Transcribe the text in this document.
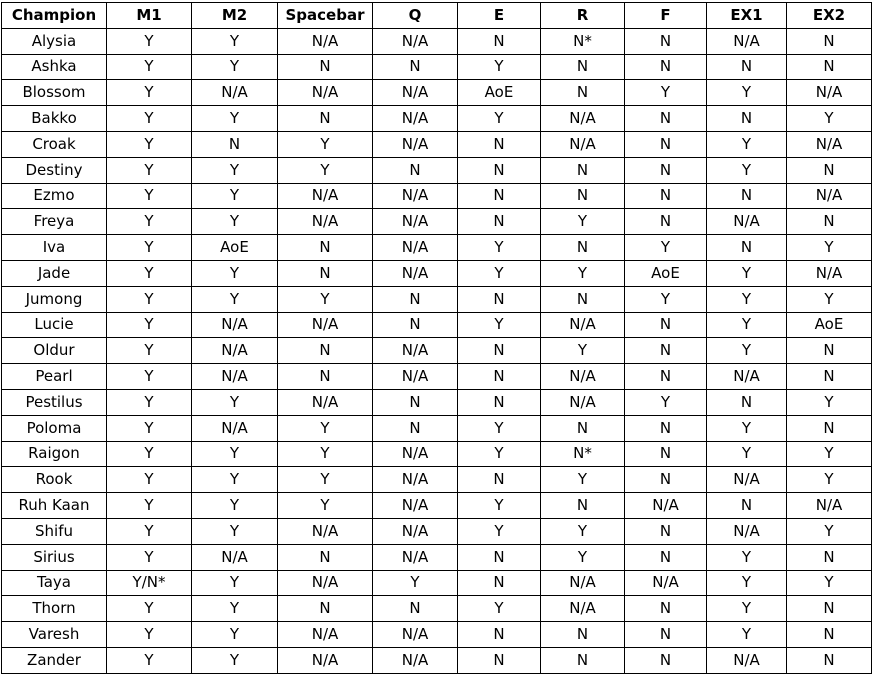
Champion	M1	M2	Spacebar	Q	E	R	F	EX1	EX2
Alysia	Y	Y	N/A	N/A	N	N*	N	N/A	N
Ashka	Y	Y	N	N	Y	N	N	N	N
Blossom	Y	N/A	N/A	N/A	AoE	N	Y	Y	N/A
Bakko	Y	Y	N	N/A	Y	N/A	N	N	Y
Croak	Y	N	Y	N/A	N	N/A	N	Y	N/A
Destiny	Y	Y	Y	N	N	N	N	Y	N
Ezmo	Y	Y	N/A	N/A	N	N	N	N	N/A
Freya	Y	Y	N/A	N/A	N	Y	N	N/A	N
Iva	Y	AoE	N	N/A	Y	N	Y	N	Y
Jade	Y	Y	N	N/A	Y	Y	AoE	Y	N/A
Jumong	Y	Y	Y	N	N	N	Y	Y	Y
Lucie	Y	N/A	N/A	N	Y	N/A	N	Y	AoE
Oldur	Y	N/A	N	N/A	N	Y	N	Y	N
Pearl	Y	N/A	N	N/A	N	N/A	N	N/A	N
Pestilus	Y	Y	N/A	N	N	N/A	Y	N	Y
Poloma	Y	N/A	Y	N	Y	N	N	Y	N
Raigon	Y	Y	Y	N/A	Y	N*	N	Y	Y
Rook	Y	Y	Y	N/A	N	Y	N	N/A	Y
Ruh Kaan	Y	Y	Y	N/A	Y	N	N/A	N	N/A
Shifu	Y	Y	N/A	N/A	Y	Y	N	N/A	Y
Sirius	Y	N/A	N	N/A	N	Y	N	Y	N
Taya	Y/N*	Y	N/A	Y	N	N/A	N/A	Y	Y
Thorn	Y	Y	N	N	Y	N/A	N	Y	N
Varesh	Y	Y	N/A	N/A	N	N	N	Y	N
Zander	Y	Y	N/A	N/A	N	N	N	N/A	N
